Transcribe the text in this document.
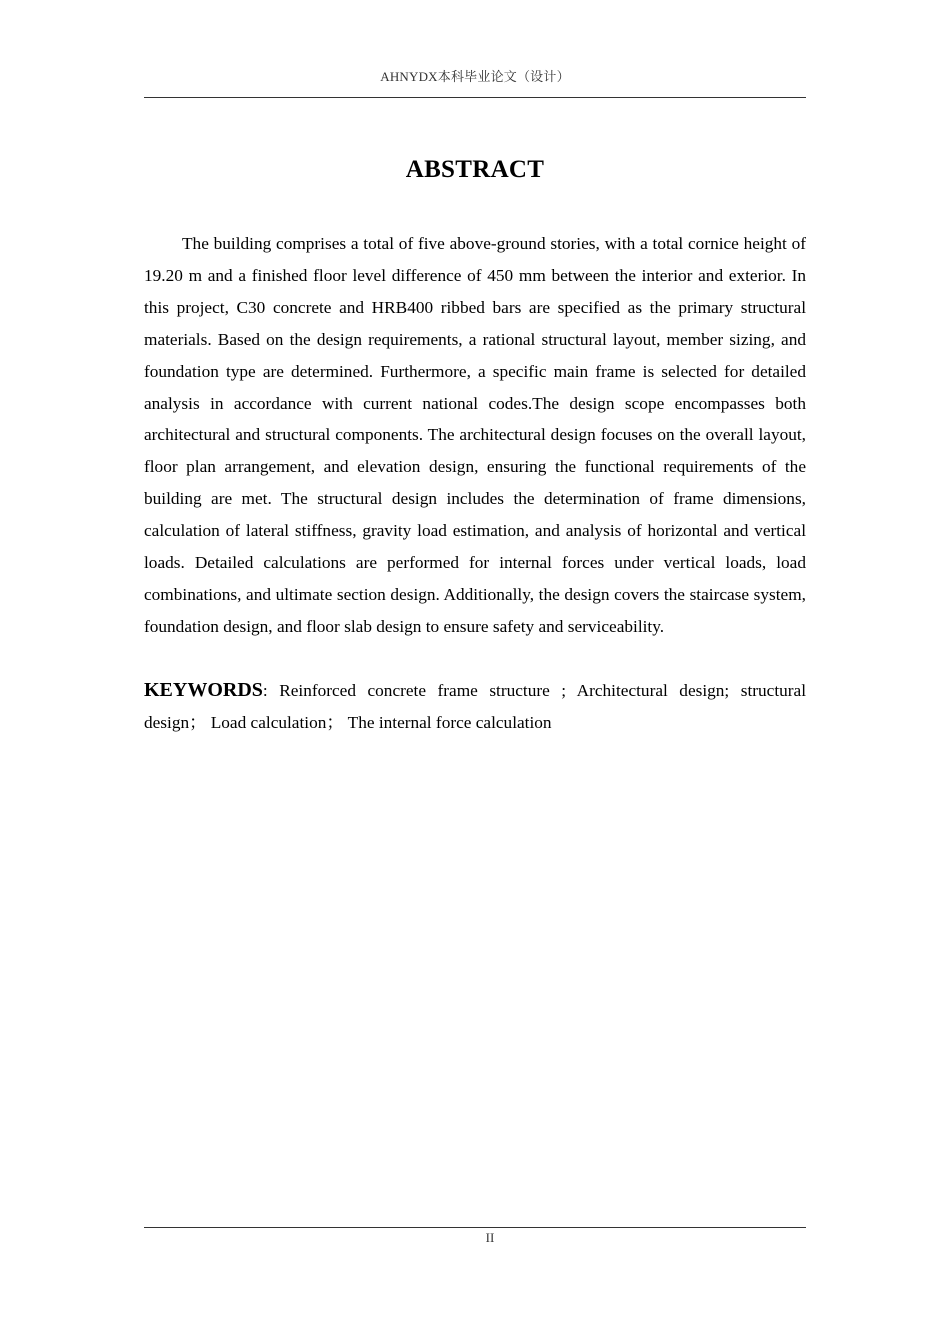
AHNYDX本科毕业论文（设计）
ABSTRACT

The building comprises a total of five above-ground stories, with a total cornice height of 19.20 m and a finished floor level difference of 450 mm between the interior and exterior. In this project, C30 concrete and HRB400 ribbed bars are specified as the primary structural materials. Based on the design requirements, a rational structural layout, member sizing, and foundation type are determined. Furthermore, a specific main frame is selected for detailed analysis in accordance with current national codes.The design scope encompasses both architectural and structural components. The architectural design focuses on the overall layout, floor plan arrangement, and elevation design, ensuring the functional requirements of the building are met. The structural design includes the determination of frame dimensions, calculation of lateral stiffness, gravity load estimation, and analysis of horizontal and vertical loads. Detailed calculations are performed for internal forces under vertical loads, load combinations, and ultimate section design. Additionally, the design covers the staircase system, foundation design, and floor slab design to ensure safety and serviceability.

KEYWORDS: Reinforced concrete frame structure ; Architectural design; structural design； Load calculation； The internal force calculation

II
